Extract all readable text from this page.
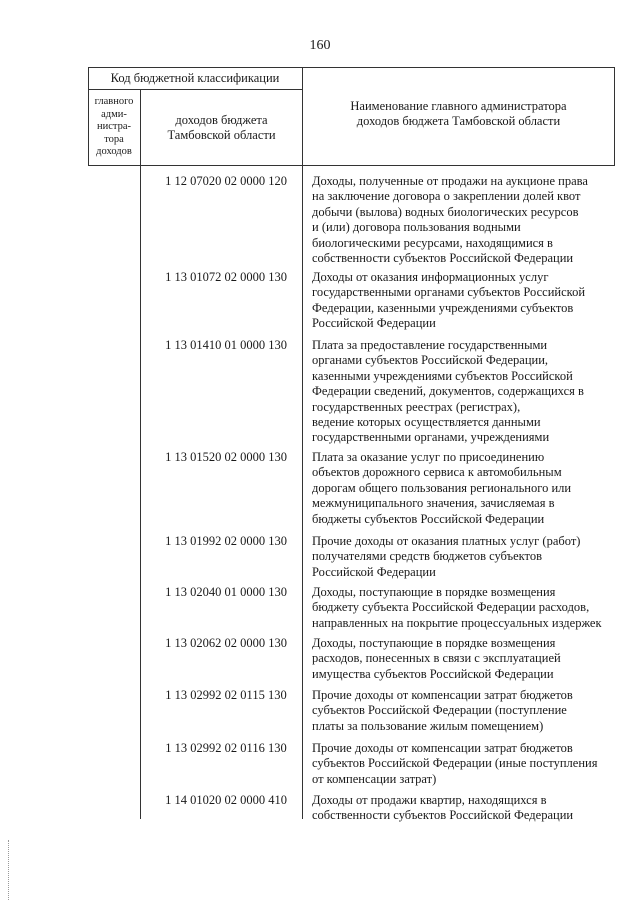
160
Код бюджетной классификации
главного
адми-
нистра-
тора
доходов
доходов бюджета
Тамбовской области
Наименование главного администратора
доходов бюджета Тамбовской области
1 12 07020 02 0000 120	Доходы, полученные от продажи на аукционе права
на заключение договора о закреплении долей квот
добычи (вылова) водных биологических ресурсов
и (или) договора пользования водными
биологическими ресурсами, находящимися в
собственности субъектов Российской Федерации
1 13 01072 02 0000 130	Доходы от оказания информационных услуг
государственными органами субъектов Российской
Федерации, казенными учреждениями субъектов
Российской Федерации
1 13 01410 01 0000 130	Плата за предоставление государственными
органами субъектов Российской Федерации,
казенными учреждениями субъектов Российской
Федерации сведений, документов, содержащихся в
государственных реестрах (регистрах),
ведение которых осуществляется данными
государственными органами, учреждениями
1 13 01520 02 0000 130	Плата за оказание услуг по присоединению
объектов дорожного сервиса к автомобильным
дорогам общего пользования регионального или
межмуниципального значения, зачисляемая в
бюджеты субъектов Российской Федерации
1 13 01992 02 0000 130	Прочие доходы от оказания платных услуг (работ)
получателями средств бюджетов субъектов
Российской Федерации
1 13 02040 01 0000 130	Доходы, поступающие в порядке возмещения
бюджету субъекта Российской Федерации расходов,
направленных на покрытие процессуальных издержек
1 13 02062 02 0000 130	Доходы, поступающие в порядке возмещения
расходов, понесенных в связи с эксплуатацией
имущества субъектов Российской Федерации
1 13 02992 02 0115 130	Прочие доходы от компенсации затрат бюджетов
субъектов Российской Федерации (поступление
платы за пользование жилым помещением)
1 13 02992 02 0116 130	Прочие доходы от компенсации затрат бюджетов
субъектов Российской Федерации (иные поступления
от компенсации затрат)
1 14 01020 02 0000 410	Доходы от продажи квартир, находящихся в
собственности субъектов Российской Федерации
